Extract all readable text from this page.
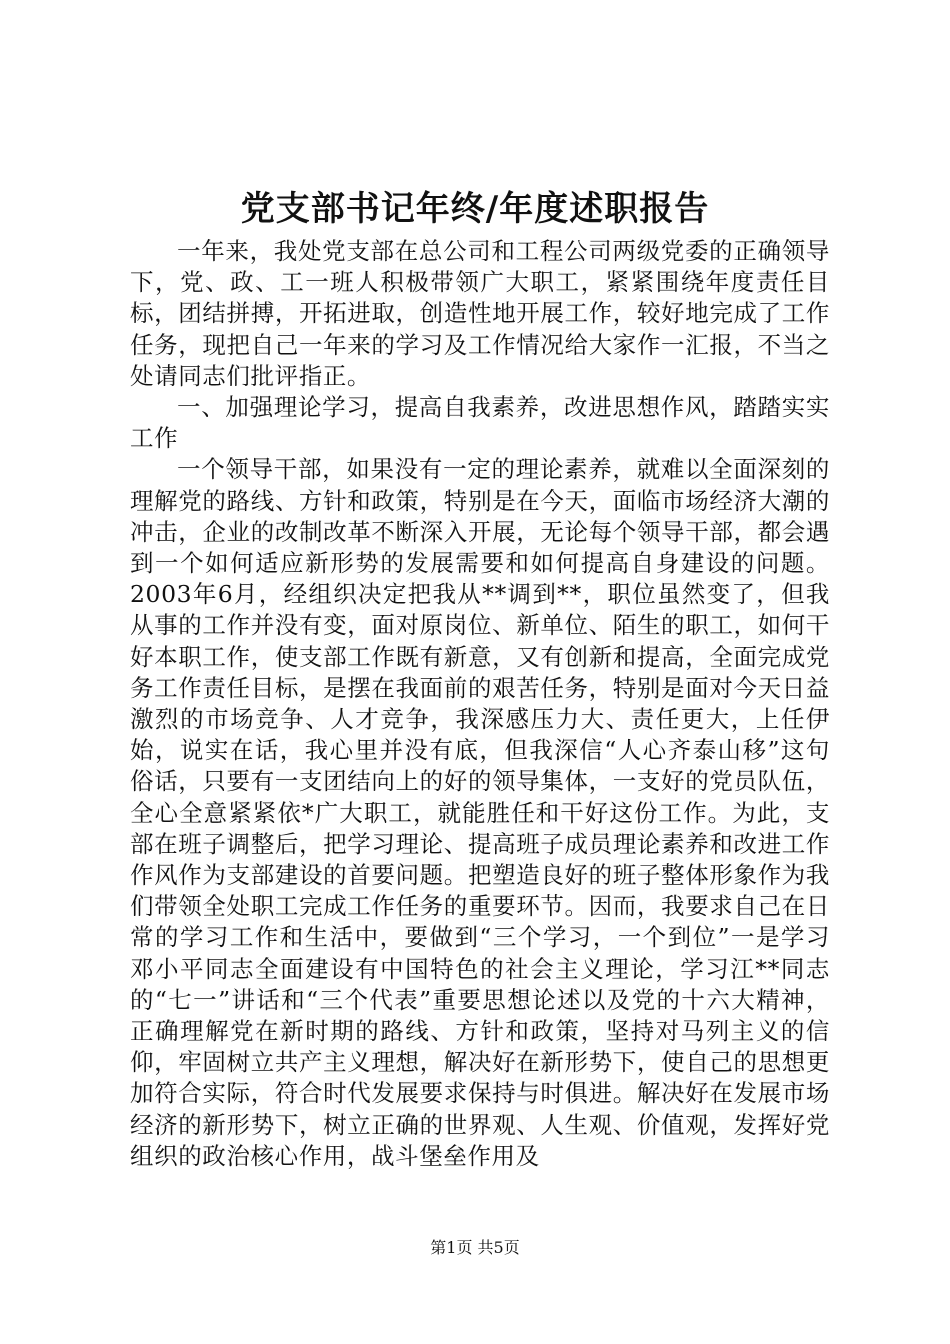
党支部书记年终/年度述职报告

一年来，我处党支部在总公司和工程公司两级党委的正确领导下，党、政、工一班人积极带领广大职工，紧紧围绕年度责任目标，团结拼搏，开拓进取，创造性地开展工作，较好地完成了工作任务，现把自己一年来的学习及工作情况给大家作一汇报，不当之处请同志们批评指正。

一、加强理论学习，提高自我素养，改进思想作风，踏踏实实工作

一个领导干部，如果没有一定的理论素养，就难以全面深刻的理解党的路线、方针和政策，特别是在今天，面临市场经济大潮的冲击，企业的改制改革不断深入开展，无论每个领导干部，都会遇到一个如何适应新形势的发展需要和如何提高自身建设的问题。2003年6月，经组织决定把我从**调到**，职位虽然变了，但我从事的工作并没有变，面对原岗位、新单位、陌生的职工，如何干好本职工作，使支部工作既有新意，又有创新和提高，全面完成党务工作责任目标，是摆在我面前的艰苦任务，特别是面对今天日益激烈的市场竞争、人才竞争，我深感压力大、责任更大，上任伊始，说实在话，我心里并没有底，但我深信“人心齐泰山移”这句俗话，只要有一支团结向上的好的领导集体，一支好的党员队伍，全心全意紧紧依*广大职工，就能胜任和干好这份工作。为此，支部在班子调整后，把学习理论、提高班子成员理论素养和改进工作作风作为支部建设的首要问题。把塑造良好的班子整体形象作为我们带领全处职工完成工作任务的重要环节。因而，我要求自己在日常的学习工作和生活中，要做到“三个学习，一个到位”一是学习邓小平同志全面建设有中国特色的社会主义理论，学习江**同志的“七一”讲话和“三个代表”重要思想论述以及党的十六大精神，正确理解党在新时期的路线、方针和政策，坚持对马列主义的信仰，牢固树立共产主义理想，解决好在新形势下，使自己的思想更加符合实际，符合时代发展要求保持与时俱进。解决好在发展市场经济的新形势下，树立正确的世界观、人生观、价值观，发挥好党组织的政治核心作用，战斗堡垒作用及

第1页 共5页
